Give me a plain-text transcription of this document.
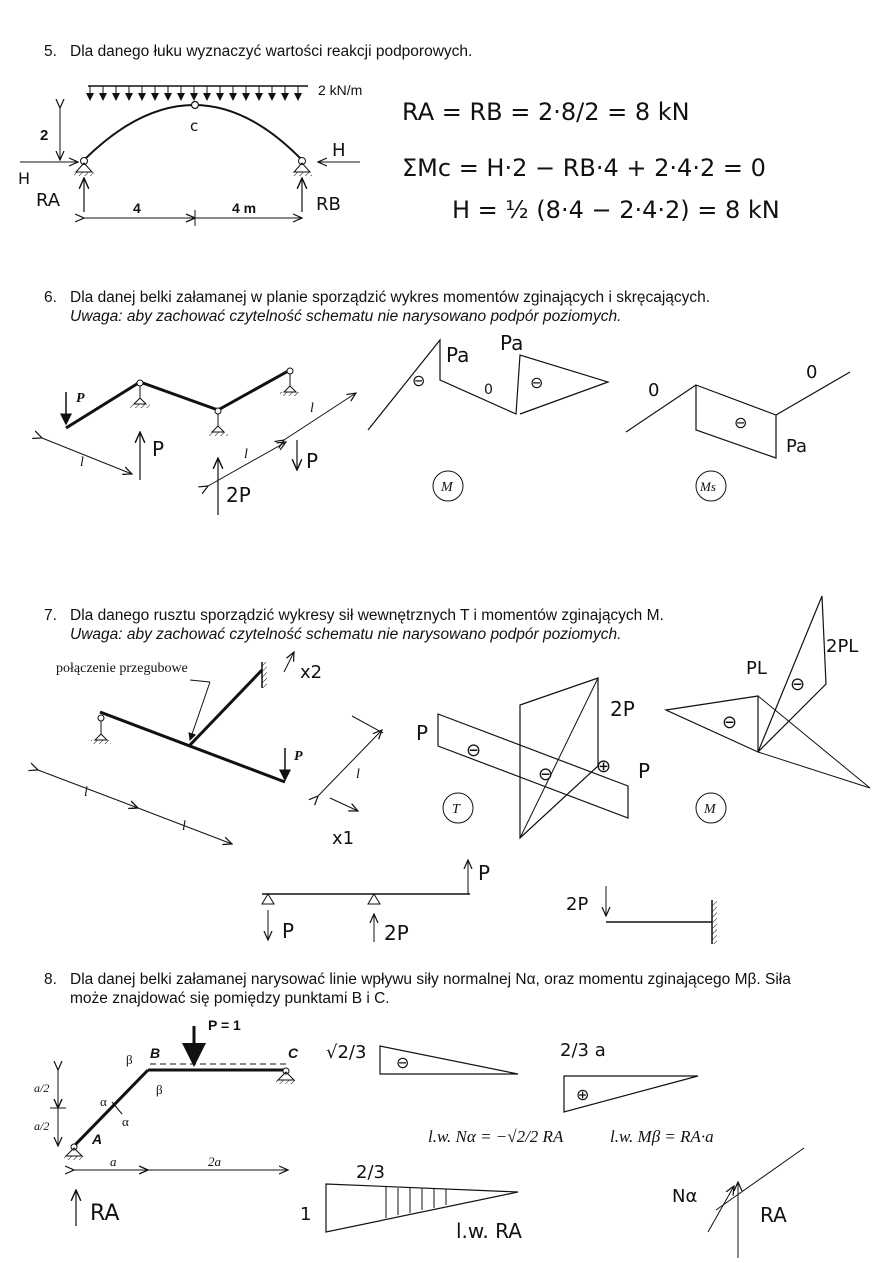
5. Dla danego łuku wyznaczyć wartości reakcji podporowych.
6. Dla danej belki załamanej w planie sporządzić wykres momentów zginających i skręcających.
Uwaga: aby zachować czytelność schematu nie narysowano podpór poziomych.
7. Dla danego rusztu sporządzić wykresy sił wewnętrznych T i momentów zginających M.
Uwaga: aby zachować czytelność schematu nie narysowano podpór poziomych.
8. Dla danej belki załamanej narysować linie wpływu siły normalnej Nα, oraz momentu zginającego Mβ. Siła
może znajdować się pomiędzy punktami B i C.
2 kN/m
c
2
4	4 m
H
H
RA	RB
RA = RB = 2·8/2 = 8 kN
ΣMc = H·2 − RB·4 + 2·4·2 = 0
H = ½ (8·4 − 2·4·2) = 8 kN
P
l
l
l
P
2P
P
⊖	⊖
Pa Pa
0
M
⊖
0
0
Pa
Ms
połączenie przegubowe
P
l
l
l
x1
x2
P
2P
P
⊖
⊖ ⊕
T
⊖
⊖
PL
2PL
M
P
P	2P
2P
P = 1
A
B	C
β
β
α
α
a/2
a/2
a	2a
RA
√2/3 ⊖
2/3 a
⊕
l.w. Nα = −√2/2 RA	l.w. Mβ = RA·a
2/3
1
l.w. RA
Nα
RA
